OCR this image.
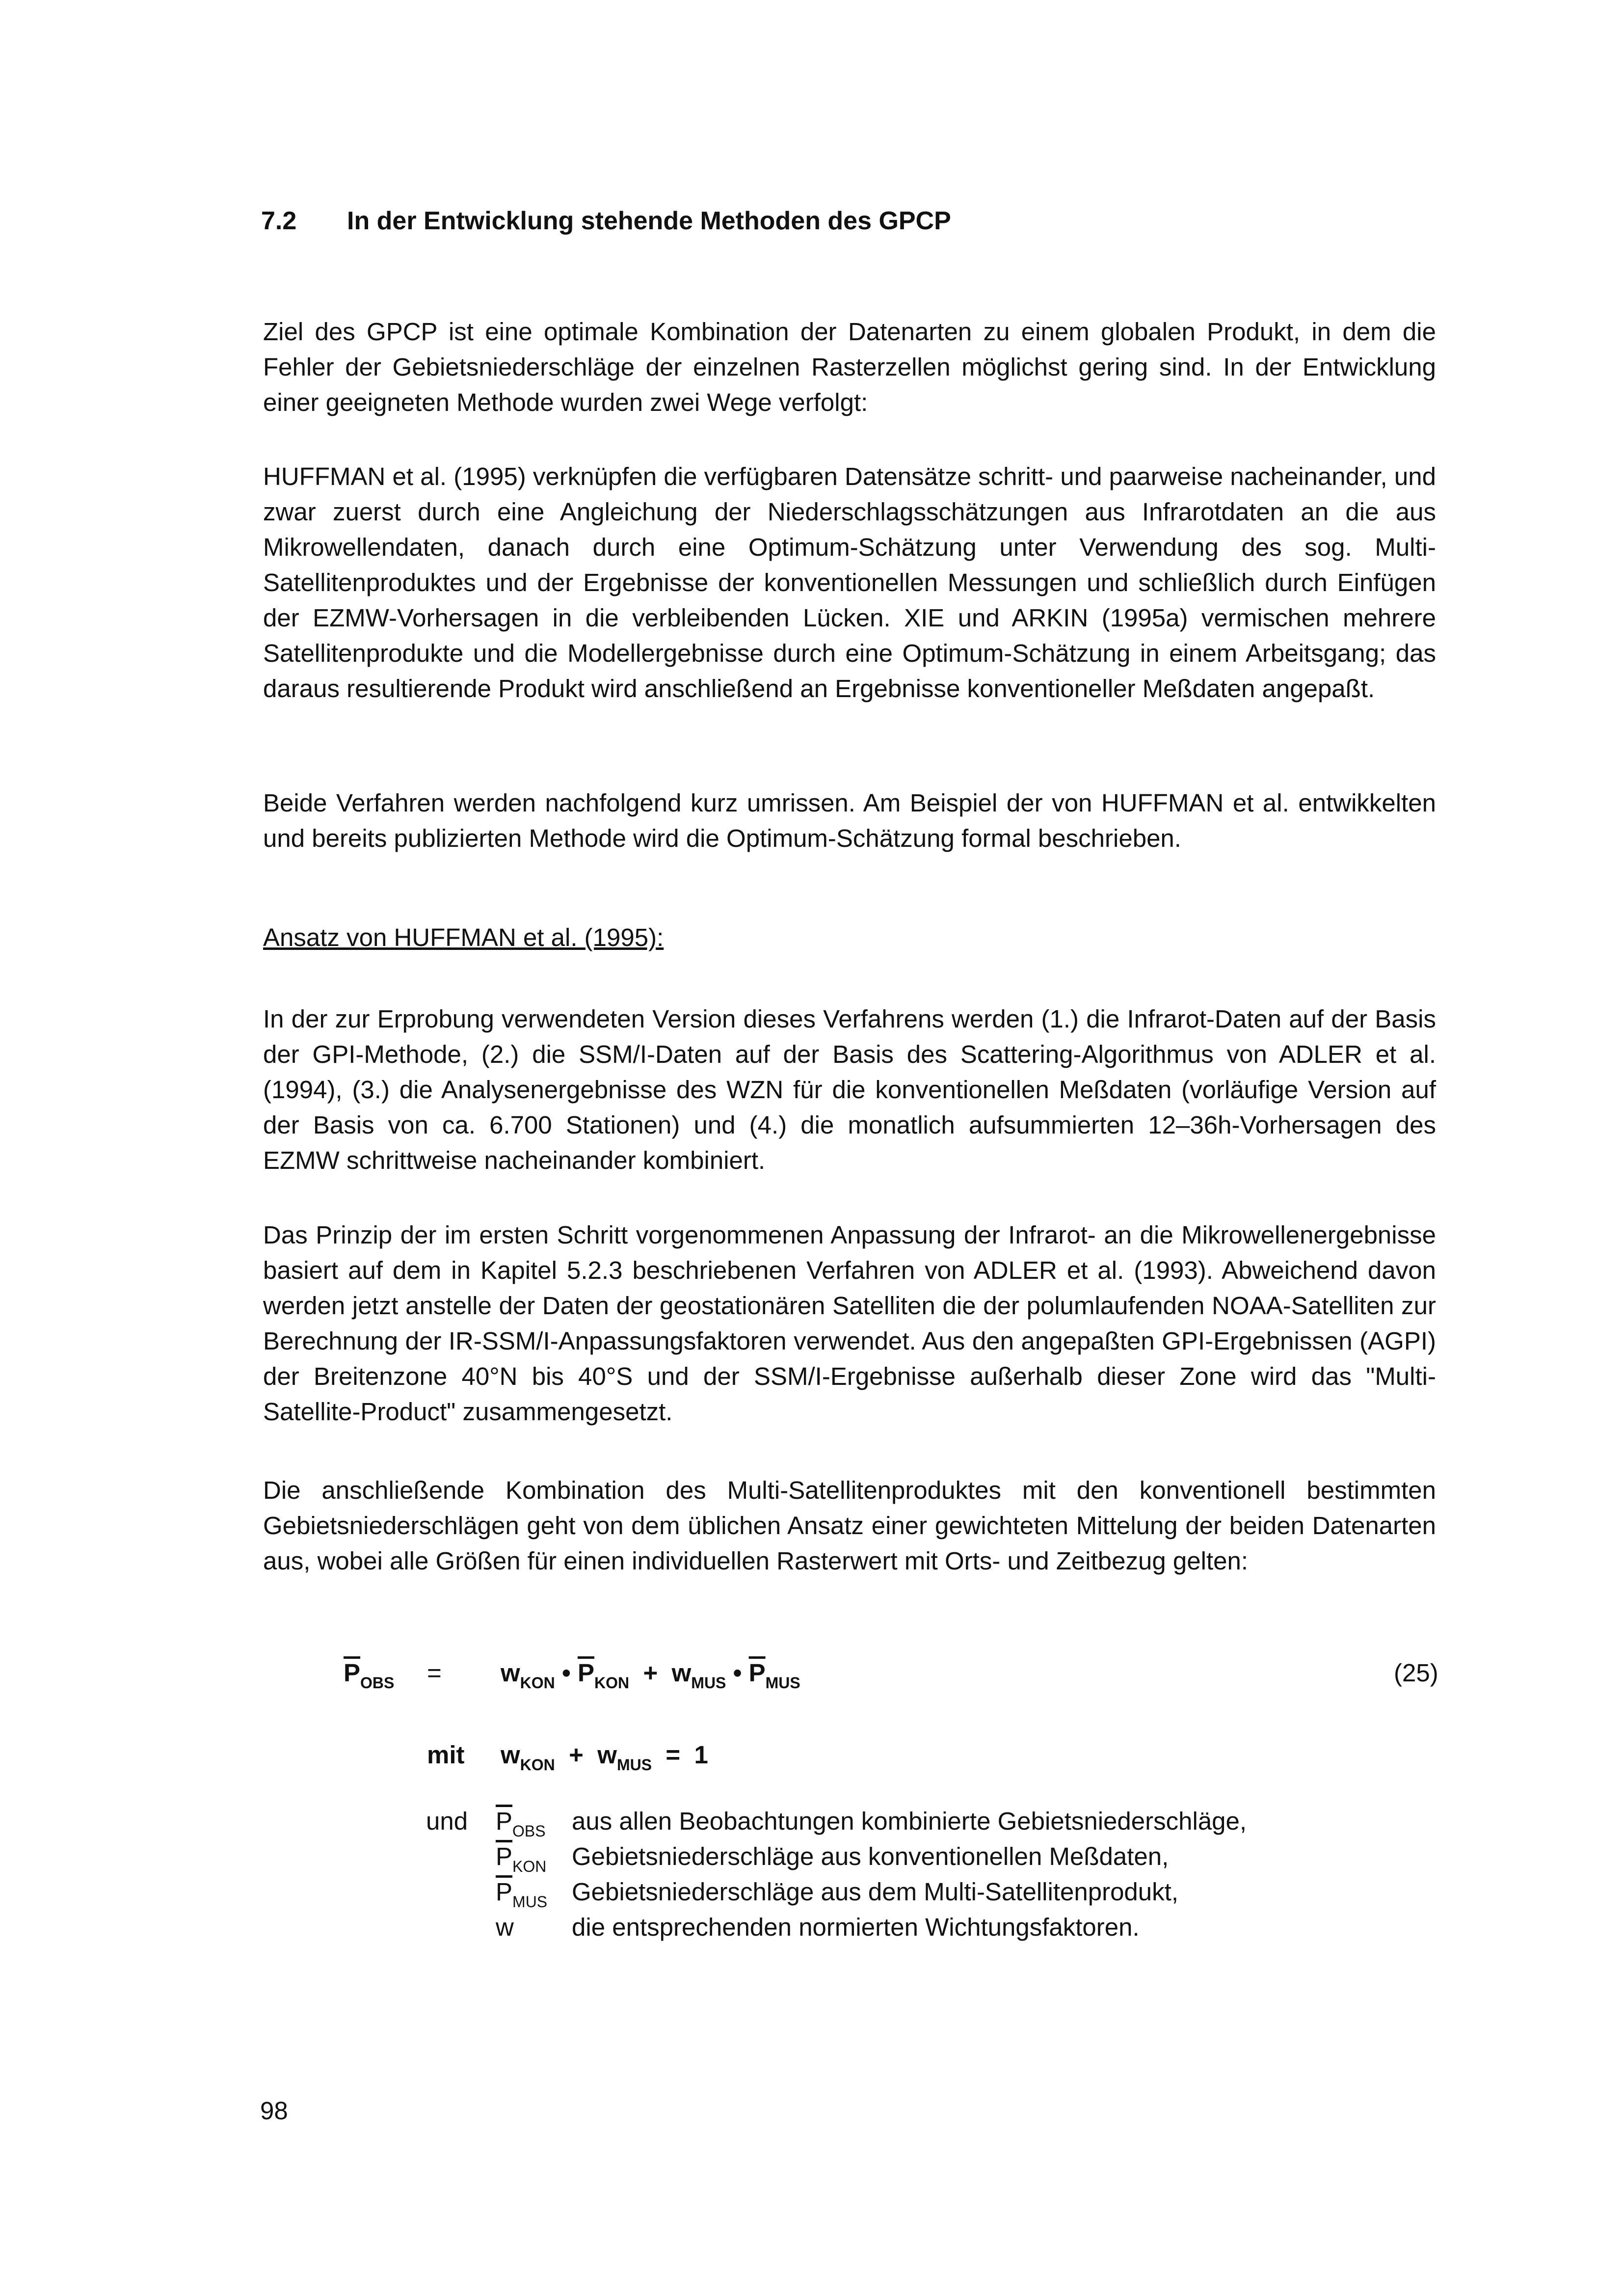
7.2 In der Entwicklung stehende Methoden des GPCP

Ziel des GPCP ist eine optimale Kombination der Datenarten zu einem globalen Produkt, in dem die Fehler der Gebietsniederschläge der einzelnen Rasterzellen möglichst gering sind. In der Entwicklung einer geeigneten Methode wurden zwei Wege verfolgt:

HUFFMAN et al. (1995) verknüpfen die verfügbaren Datensätze schritt- und paarweise nacheinander, und zwar zuerst durch eine Angleichung der Niederschlagsschätzungen aus Infrarotdaten an die aus Mikrowellendaten, danach durch eine Optimum-Schätzung unter Verwendung des sog. Multi-Satellitenproduktes und der Ergebnisse der konventionellen Messungen und schließlich durch Einfügen der EZMW-Vorhersagen in die verbleibenden Lücken. XIE und ARKIN (1995a) vermischen mehrere Satellitenprodukte und die Modellergebnisse durch eine Optimum-Schätzung in einem Arbeitsgang; das daraus resultierende Produkt wird anschließend an Ergebnisse konventioneller Meßdaten angepaßt.

Beide Verfahren werden nachfolgend kurz umrissen. Am Beispiel der von HUFFMAN et al. entwikkelten und bereits publizierten Methode wird die Optimum-Schätzung formal beschrieben.

Ansatz von HUFFMAN et al. (1995):

In der zur Erprobung verwendeten Version dieses Verfahrens werden (1.) die Infrarot-Daten auf der Basis der GPI-Methode, (2.) die SSM/I-Daten auf der Basis des Scattering-Algorithmus von ADLER et al. (1994), (3.) die Analysenergebnisse des WZN für die konventionellen Meßdaten (vorläufige Version auf der Basis von ca. 6.700 Stationen) und (4.) die monatlich aufsummierten 12–36h-Vorhersagen des EZMW schrittweise nacheinander kombiniert.

Das Prinzip der im ersten Schritt vorgenommenen Anpassung der Infrarot- an die Mikrowellenergebnisse basiert auf dem in Kapitel 5.2.3 beschriebenen Verfahren von ADLER et al. (1993). Abweichend davon werden jetzt anstelle der Daten der geostationären Satelliten die der polumlaufenden NOAA-Satelliten zur Berechnung der IR-SSM/I-Anpassungsfaktoren verwendet. Aus den angepaßten GPI-Ergebnissen (AGPI) der Breitenzone 40°N bis 40°S und der SSM/I-Ergebnisse außerhalb dieser Zone wird das "Multi-Satellite-Product" zusammengesetzt.

Die anschließende Kombination des Multi-Satellitenproduktes mit den konventionell bestimmten Gebietsniederschlägen geht von dem üblichen Ansatz einer gewichteten Mittelung der beiden Datenarten aus, wobei alle Größen für einen individuellen Rasterwert mit Orts- und Zeitbezug gelten:

$\overline{P}_{OBS} = w_{KON}$ • $\overline{P}_{KON} + w_{MUS}$ • $\overline{P}_{MUS}$	(25)
mit $w_{KON} + w_{MUS} = 1$
und $\overline{P}_{OBS}$ aus allen Beobachtungen kombinierte Gebietsniederschläge,
$\overline{P}_{KON}$ Gebietsniederschläge aus konventionellen Meßdaten,
$\overline{P}_{MUS}$ Gebietsniederschläge aus dem Multi-Satellitenprodukt,
w die entsprechenden normierten Wichtungsfaktoren.
98
